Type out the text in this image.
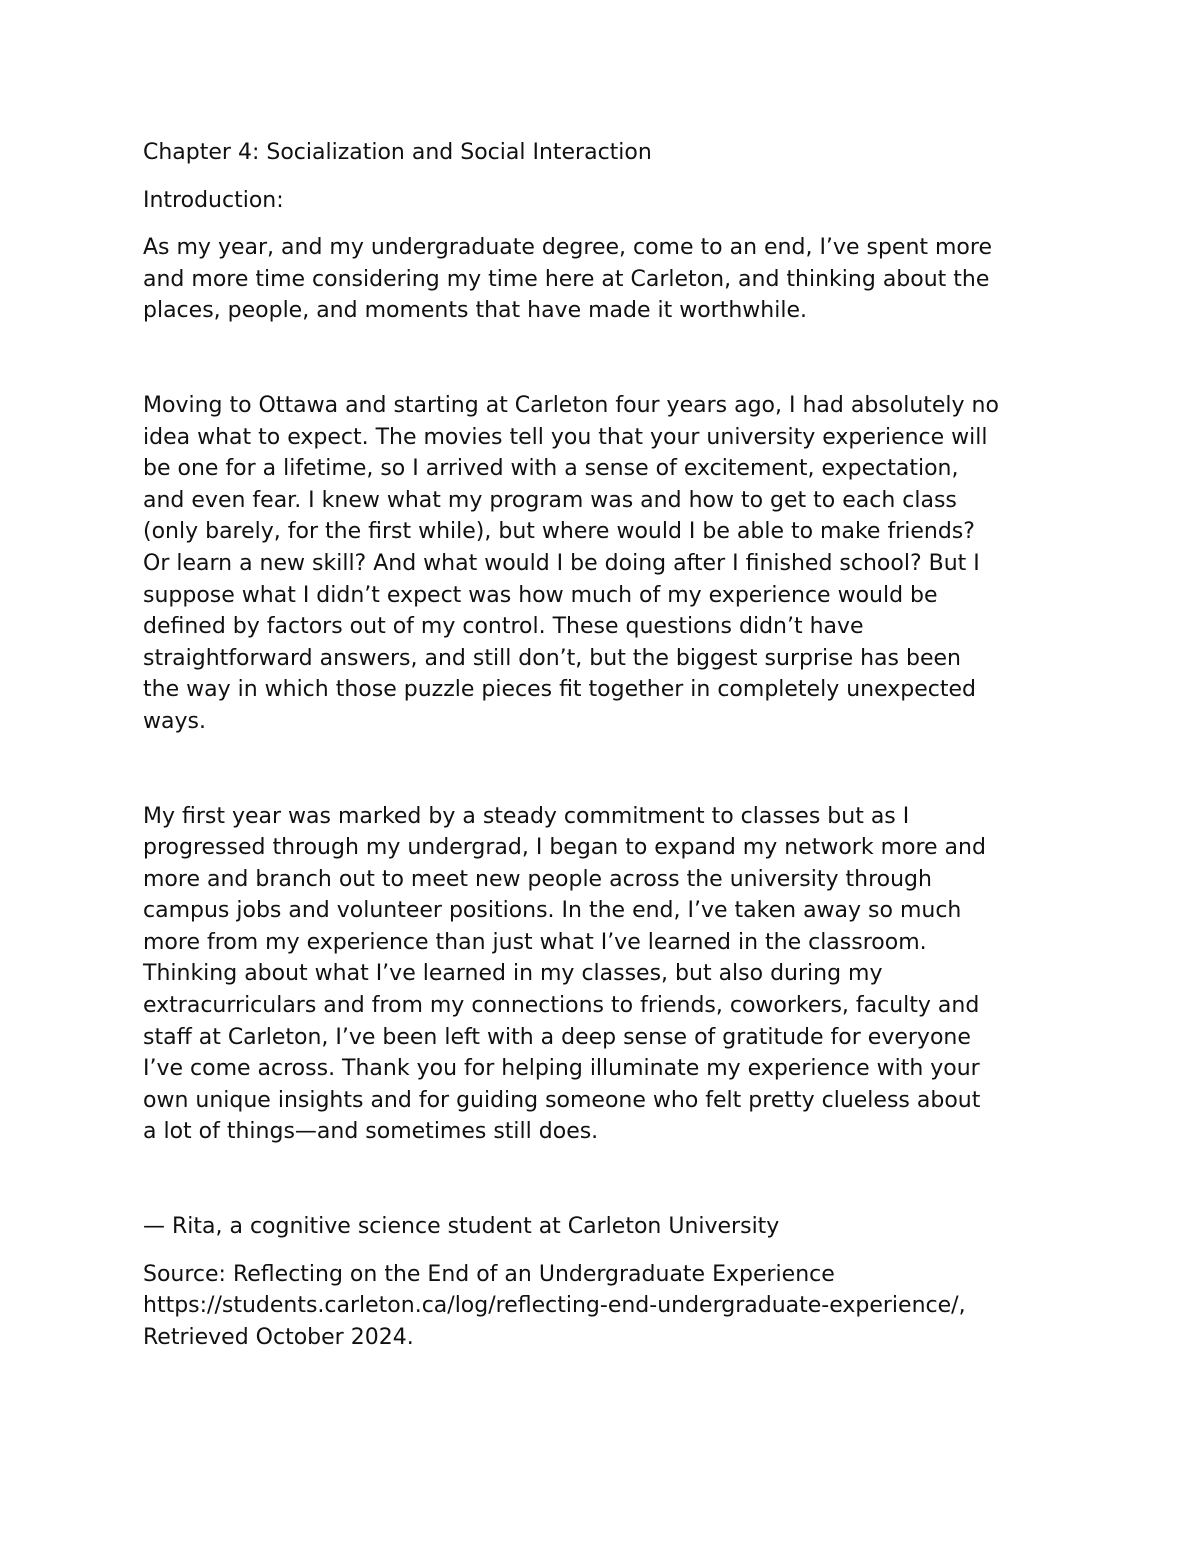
Chapter 4: Socialization and Social Interaction

Introduction:

As my year, and my undergraduate degree, come to an end, I’ve spent more
and more time considering my time here at Carleton, and thinking about the
places, people, and moments that have made it worthwhile.

Moving to Ottawa and starting at Carleton four years ago, I had absolutely no
idea what to expect. The movies tell you that your university experience will
be one for a lifetime, so I arrived with a sense of excitement, expectation,
and even fear. I knew what my program was and how to get to each class
(only barely, for the first while), but where would I be able to make friends?
Or learn a new skill? And what would I be doing after I finished school? But I
suppose what I didn’t expect was how much of my experience would be
defined by factors out of my control. These questions didn’t have
straightforward answers, and still don’t, but the biggest surprise has been
the way in which those puzzle pieces fit together in completely unexpected
ways.

My first year was marked by a steady commitment to classes but as I
progressed through my undergrad, I began to expand my network more and
more and branch out to meet new people across the university through
campus jobs and volunteer positions. In the end, I’ve taken away so much
more from my experience than just what I’ve learned in the classroom.
Thinking about what I’ve learned in my classes, but also during my
extracurriculars and from my connections to friends, coworkers, faculty and
staff at Carleton, I’ve been left with a deep sense of gratitude for everyone
I’ve come across. Thank you for helping illuminate my experience with your
own unique insights and for guiding someone who felt pretty clueless about
a lot of things—and sometimes still does.

— Rita, a cognitive science student at Carleton University

Source: Reflecting on the End of an Undergraduate Experience
https://students.carleton.ca/log/reflecting-end-undergraduate-experience/,
Retrieved October 2024.
